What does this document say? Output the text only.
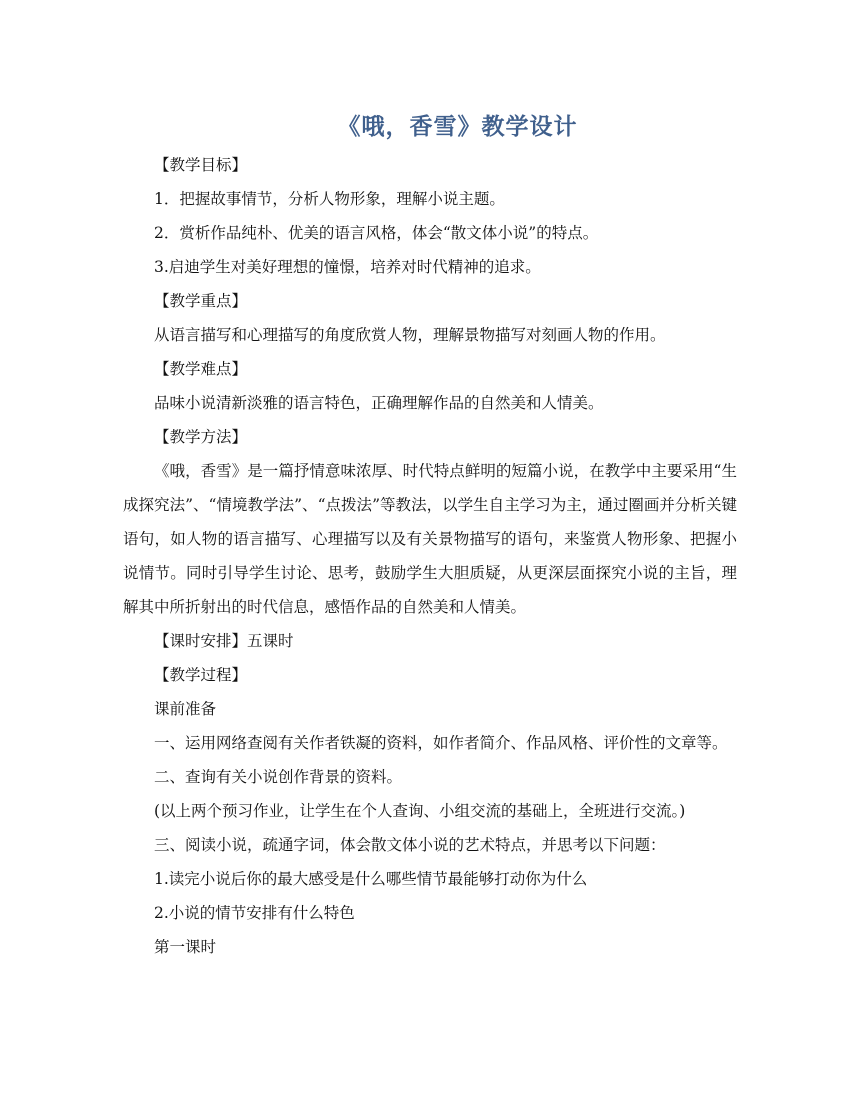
《哦，香雪》教学设计

【教学目标】

1．把握故事情节，分析人物形象，理解小说主题。

2．赏析作品纯朴、优美的语言风格，体会“散文体小说”的特点。

3.启迪学生对美好理想的憧憬，培养对时代精神的追求。

【教学重点】

从语言描写和心理描写的角度欣赏人物，理解景物描写对刻画人物的作用。

【教学难点】

品味小说清新淡雅的语言特色，正确理解作品的自然美和人情美。

【教学方法】

《哦，香雪》是一篇抒情意味浓厚、时代特点鲜明的短篇小说，在教学中主要采用“生成探究法”、“情境教学法”、“点拨法”等教法，以学生自主学习为主，通过圈画并分析关键语句，如人物的语言描写、心理描写以及有关景物描写的语句，来鉴赏人物形象、把握小说情节。同时引导学生讨论、思考，鼓励学生大胆质疑，从更深层面探究小说的主旨，理解其中所折射出的时代信息，感悟作品的自然美和人情美。

【课时安排】五课时

【教学过程】

课前准备

一、运用网络查阅有关作者铁凝的资料，如作者简介、作品风格、评价性的文章等。

二、查询有关小说创作背景的资料。

(以上两个预习作业，让学生在个人查询、小组交流的基础上，全班进行交流。)

三、阅读小说，疏通字词，体会散文体小说的艺术特点，并思考以下问题：

1.读完小说后你的最大感受是什么哪些情节最能够打动你为什么

2.小说的情节安排有什么特色

第一课时
